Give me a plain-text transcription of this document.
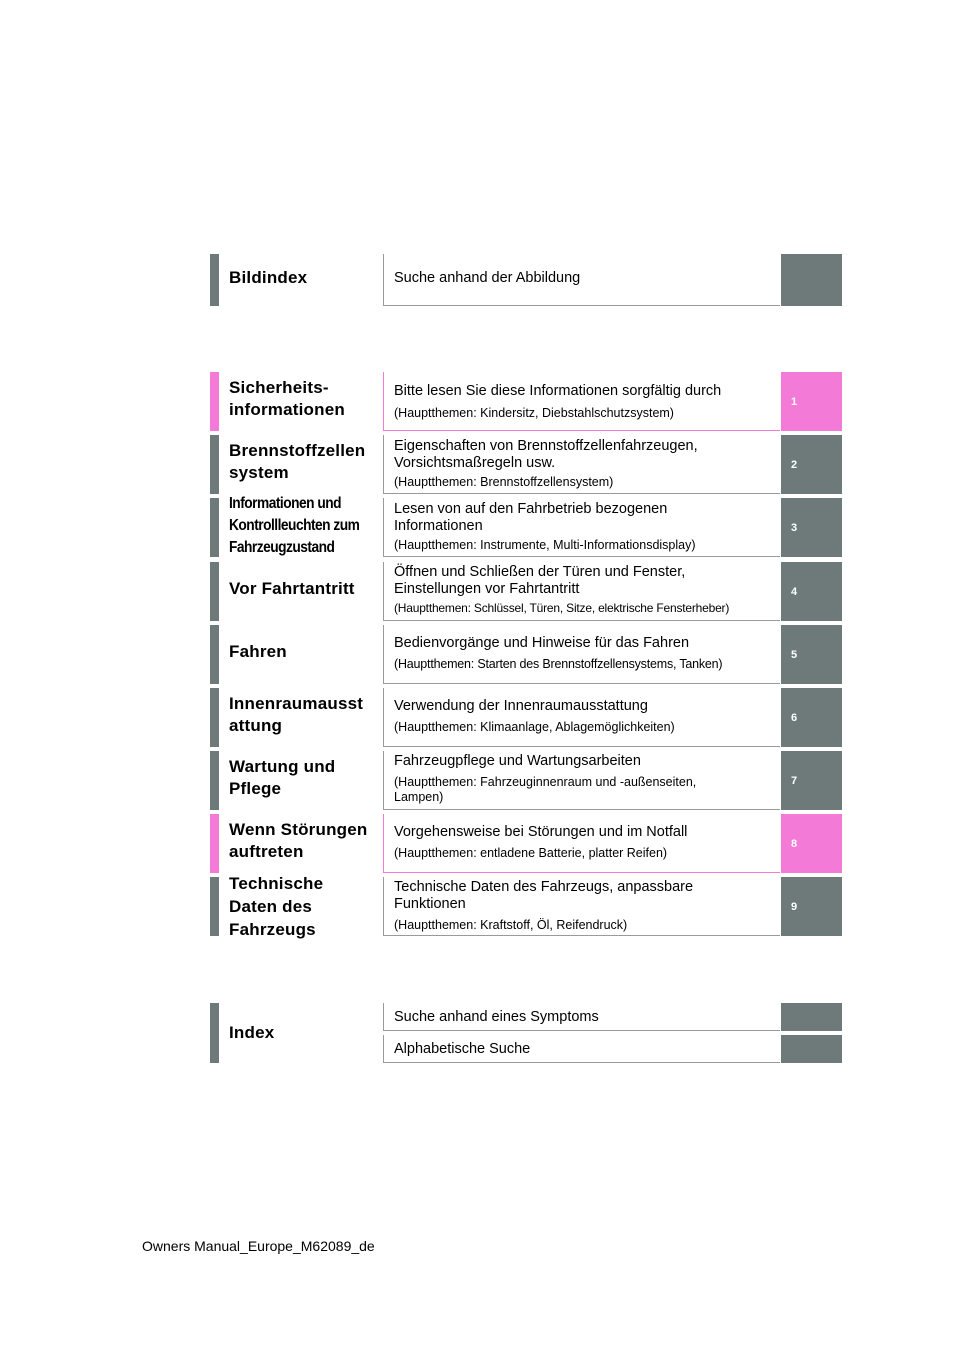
Bildindex	Suche anhand der Abbildung
Sicherheits-
informationen
Bitte lesen Sie diese Informationen sorgfältig durch
(Hauptthemen: Kindersitz, Diebstahlschutzsystem)
1
Brennstoffzellen
system
Eigenschaften von Brennstoffzellenfahrzeugen, Vorsichtsmaßregeln usw.
(Hauptthemen: Brennstoffzellensystem)
2
Informationen und
Kontrollleuchten zum
Fahrzeugzustand
Lesen von auf den Fahrbetrieb bezogenen Informationen
(Hauptthemen: Instrumente, Multi-Informationsdisplay)
3
Vor Fahrtantritt
Öffnen und Schließen der Türen und Fenster, Einstellungen vor Fahrtantritt
(Hauptthemen: Schlüssel, Türen, Sitze, elektrische Fensterheber)
4
Fahren	Bedienvorgänge und Hinweise für das Fahren
(Hauptthemen: Starten des Brennstoffzellensystems, Tanken)
5
Innenraumausst
attung
Verwendung der Innenraumausstattung
(Hauptthemen: Klimaanlage, Ablagemöglichkeiten)
6
Wartung und
Pflege
Fahrzeugpflege und Wartungsarbeiten
(Hauptthemen: Fahrzeuginnenraum und -außenseiten, Lampen)
7
Wenn Störungen
auftreten
Vorgehensweise bei Störungen und im Notfall
(Hauptthemen: entladene Batterie, platter Reifen)
8
Technische
Daten des
Fahrzeugs
Technische Daten des Fahrzeugs, anpassbare Funktionen
(Hauptthemen: Kraftstoff, Öl, Reifendruck)
9
Index
Suche anhand eines Symptoms
Alphabetische Suche
Owners Manual_Europe_M62089_de
